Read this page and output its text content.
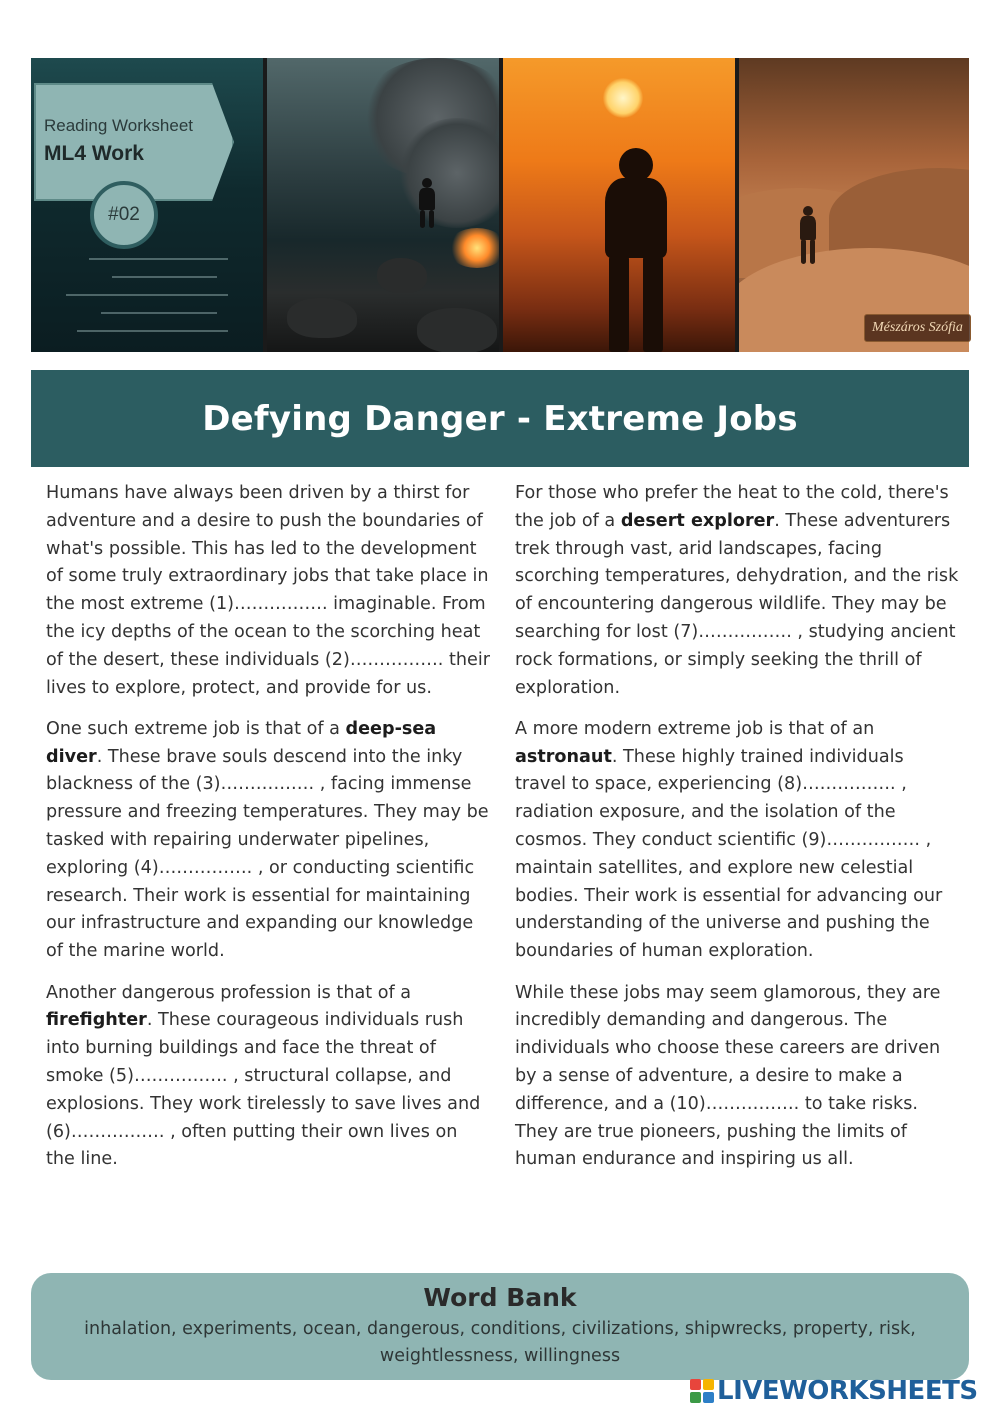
Reading Worksheet
ML4 Work
#02
Mészáros Szófia
Defying Danger - Extreme Jobs

Humans have always been driven by a thirst for adventure and a desire to push the boundaries of what's possible. This has led to the development of some truly extraordinary jobs that take place in the most extreme (1)……………. imaginable. From the icy depths of the ocean to the scorching heat of the desert, these individuals (2)……………. their lives to explore, protect, and provide for us.

One such extreme job is that of a deep-sea diver. These brave souls descend into the inky blackness of the (3)……………. , facing immense pressure and freezing temperatures. They may be tasked with repairing underwater pipelines, exploring (4)……………. , or conducting scientific research. Their work is essential for maintaining our infrastructure and expanding our knowledge of the marine world.

Another dangerous profession is that of a firefighter. These courageous individuals rush into burning buildings and face the threat of smoke (5)……………. , structural collapse, and explosions. They work tirelessly to save lives and (6)……………. , often putting their own lives on the line.

For those who prefer the heat to the cold, there's the job of a desert explorer. These adventurers trek through vast, arid landscapes, facing scorching temperatures, dehydration, and the risk of encountering dangerous wildlife. They may be searching for lost (7)……………. , studying ancient rock formations, or simply seeking the thrill of exploration.

A more modern extreme job is that of an astronaut. These highly trained individuals travel to space, experiencing (8)……………. , radiation exposure, and the isolation of the cosmos. They conduct scientific (9)……………. , maintain satellites, and explore new celestial bodies. Their work is essential for advancing our understanding of the universe and pushing the boundaries of human exploration.

While these jobs may seem glamorous, they are incredibly demanding and dangerous. The individuals who choose these careers are driven by a sense of adventure, a desire to make a difference, and a (10)……………. to take risks. They are true pioneers, pushing the limits of human endurance and inspiring us all.

Word Bank

inhalation, experiments, ocean, dangerous, conditions, civilizations, shipwrecks, property, risk, weightlessness, willingness

LIVEWORKSHEETS
